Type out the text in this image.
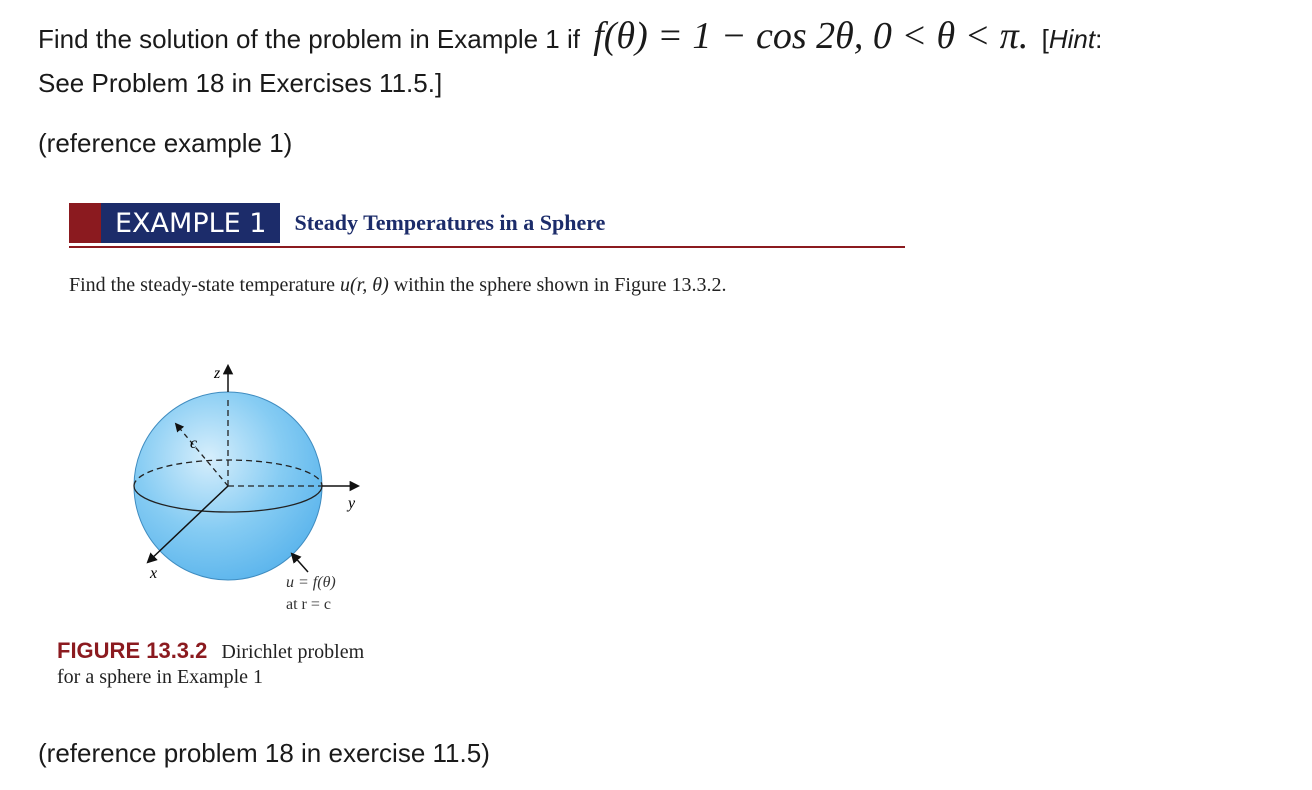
Find the solution of the problem in Example 1 if f(θ) = 1 − cos 2θ, 0 < θ < π. [Hint:
See Problem 18 in Exercises 11.5.]
(reference example 1)
EXAMPLE 1	Steady Temperatures in a Sphere
Find the steady-state temperature u(r, θ) within the sphere shown in Figure 13.3.2.
z
y
x
c
u = f(θ)
at r = c
FIGURE 13.3.2 Dirichlet problem
for a sphere in Example 1
(reference problem 18 in exercise 11.5)
